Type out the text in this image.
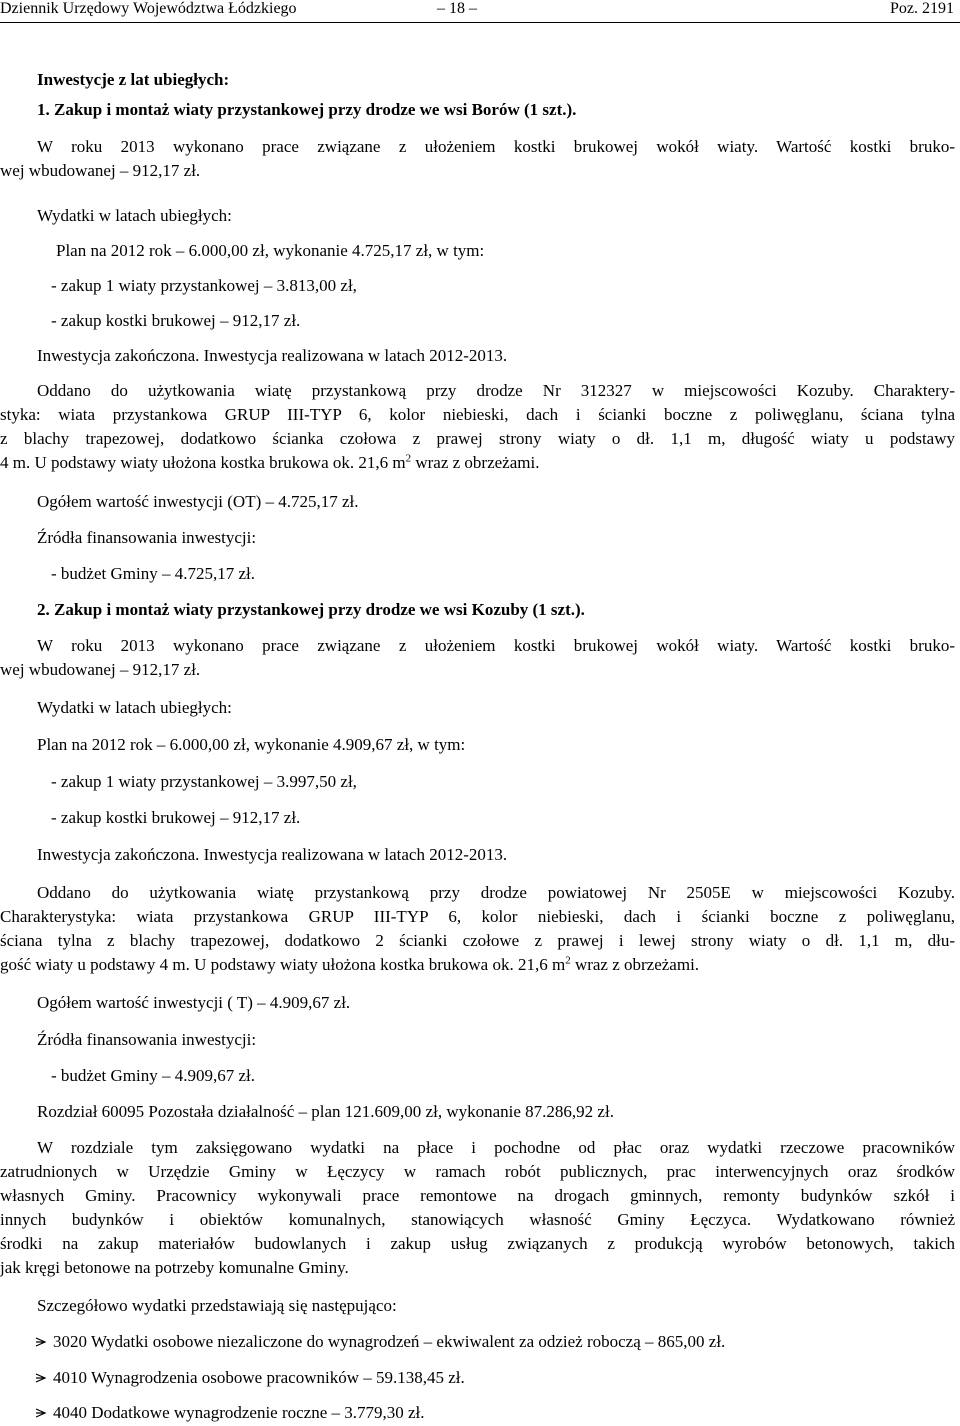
Dziennik Urzędowy Województwa Łódzkiego	– 18 –	Poz. 2191
Inwestycje z lat ubiegłych:
1. Zakup i montaż wiaty przystankowej przy drodze we wsi Borów (1 szt.).
W roku 2013 wykonano prace związane z ułożeniem kostki brukowej wokół wiaty. Wartość kostki bruko-
wej wbudowanej – 912,17 zł.
Wydatki w latach ubiegłych:
Plan na 2012 rok – 6.000,00 zł, wykonanie 4.725,17 zł, w tym:
- zakup 1 wiaty przystankowej – 3.813,00 zł,
- zakup kostki brukowej – 912,17 zł.
Inwestycja zakończona. Inwestycja realizowana w latach 2012-2013.
Oddano do użytkowania wiatę przystankową przy drodze Nr 312327 w miejscowości Kozuby. Charaktery-
styka: wiata przystankowa GRUP III-TYP 6, kolor niebieski, dach i ścianki boczne z poliwęglanu, ściana tylna
z blachy trapezowej, dodatkowo ścianka czołowa z prawej strony wiaty o dł. 1,1 m, długość wiaty u podstawy
4 m. U podstawy wiaty ułożona kostka brukowa ok. 21,6 $m^2$ wraz z obrzeżami.
Ogółem wartość inwestycji (OT) – 4.725,17 zł.
Źródła finansowania inwestycji:
- budżet Gminy – 4.725,17 zł.
2. Zakup i montaż wiaty przystankowej przy drodze we wsi Kozuby (1 szt.).
W roku 2013 wykonano prace związane z ułożeniem kostki brukowej wokół wiaty. Wartość kostki bruko-
wej wbudowanej – 912,17 zł.
Wydatki w latach ubiegłych:
Plan na 2012 rok – 6.000,00 zł, wykonanie 4.909,67 zł, w tym:
- zakup 1 wiaty przystankowej – 3.997,50 zł,
- zakup kostki brukowej – 912,17 zł.
Inwestycja zakończona. Inwestycja realizowana w latach 2012-2013.
Oddano do użytkowania wiatę przystankową przy drodze powiatowej Nr 2505E w miejscowości Kozuby.
Charakterystyka: wiata przystankowa GRUP III-TYP 6, kolor niebieski, dach i ścianki boczne z poliwęglanu,
ściana tylna z blachy trapezowej, dodatkowo 2 ścianki czołowe z prawej i lewej strony wiaty o dł. 1,1 m, dłu-
gość wiaty u podstawy 4 m. U podstawy wiaty ułożona kostka brukowa ok. 21,6 $m^2$ wraz z obrzeżami.
Ogółem wartość inwestycji ( T) – 4.909,67 zł.
Źródła finansowania inwestycji:
- budżet Gminy – 4.909,67 zł.
Rozdział 60095 Pozostała działalność – plan 121.609,00 zł, wykonanie 87.286,92 zł.
W rozdziale tym zaksięgowano wydatki na płace i pochodne od płac oraz wydatki rzeczowe pracowników
zatrudnionych w Urzędzie Gminy w Łęczycy w ramach robót publicznych, prac interwencyjnych oraz środków
własnych Gminy. Pracownicy wykonywali prace remontowe na drogach gminnych, remonty budynków szkół i
innych budynków i obiektów komunalnych, stanowiących własność Gminy Łęczyca. Wydatkowano również
środki na zakup materiałów budowlanych i zakup usług związanych z produkcją wyrobów betonowych, takich
jak kręgi betonowe na potrzeby komunalne Gminy.
Szczegółowo wydatki przedstawiają się następująco:
3020 Wydatki osobowe niezaliczone do wynagrodzeń – ekwiwalent za odzież roboczą – 865,00 zł.
4010 Wynagrodzenia osobowe pracowników – 59.138,45 zł.
4040 Dodatkowe wynagrodzenie roczne – 3.779,30 zł.
